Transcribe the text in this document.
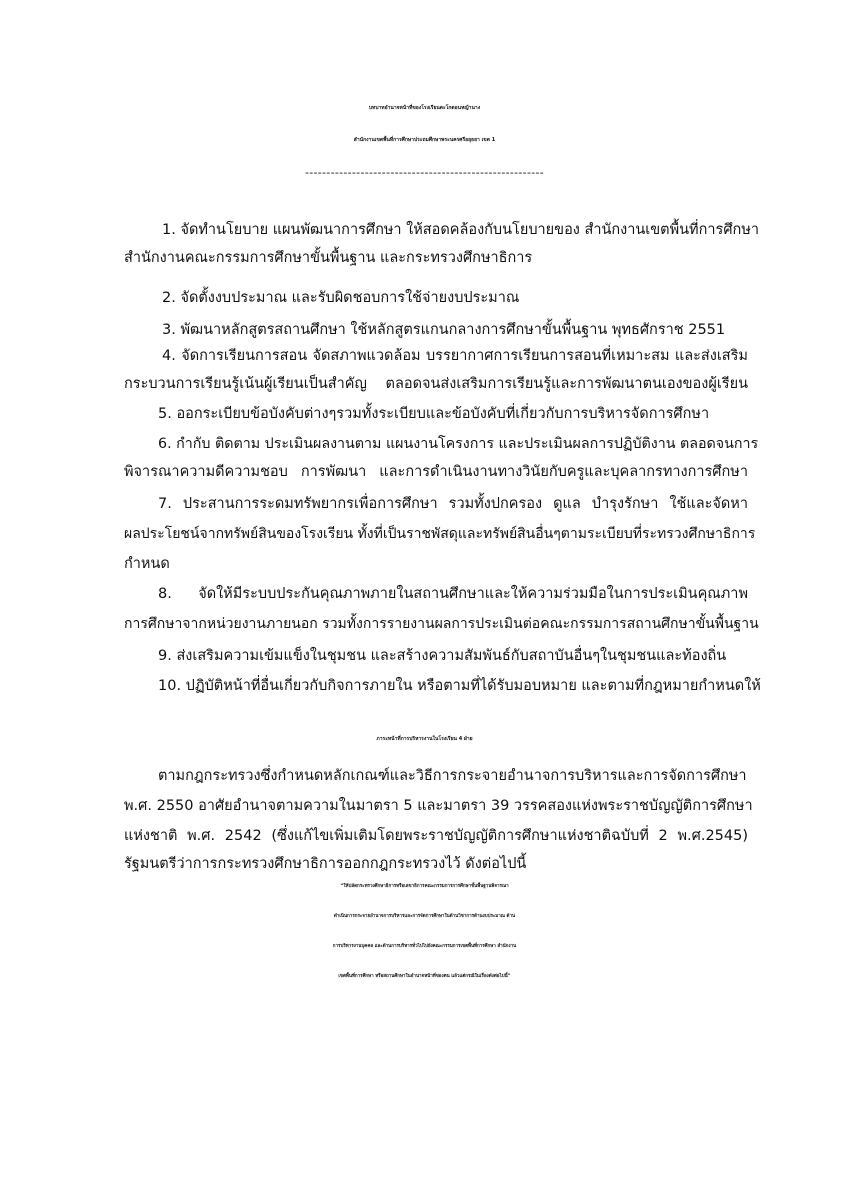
บทบาทอำนาจหน้าที่ของโรงเรียนตะโกดอนหญ้านาง
สำนักงานเขตพื้นที่การศึกษาประถมศึกษาพระนครศรีอยุธยา เขต 1
--------------------------------------------------------
1. จัดทำนโยบาย แผนพัฒนาการศึกษา ให้สอดคล้องกับนโยบายของ สำนักงานเขตพื้นที่การศึกษา
สำนักงานคณะกรรมการศึกษาขั้นพื้นฐาน และกระทรวงศึกษาธิการ
2. จัดตั้งงบประมาณ และรับผิดชอบการใช้จ่ายงบประมาณ
3. พัฒนาหลักสูตรสถานศึกษา ใช้หลักสูตรแกนกลางการศึกษาขั้นพื้นฐาน พุทธศักราช 2551
4. จัดการเรียนการสอน จัดสภาพแวดล้อม บรรยากาศการเรียนการสอนที่เหมาะสม และส่งเสริม
กระบวนการเรียนรู้เน้นผู้เรียนเป็นสำคัญ ตลอดจนส่งเสริมการเรียนรู้และการพัฒนาตนเองของผู้เรียน
5. ออกระเบียบข้อบังคับต่างๆรวมทั้งระเบียบและข้อบังคับที่เกี่ยวกับการบริหารจัดการศึกษา
6. กำกับ ติดตาม ประเมินผลงานตาม แผนงานโครงการ และประเมินผลการปฏิบัติงาน ตลอดจนการ
พิจารณาความดีความชอบ การพัฒนา และการดำเนินงานทางวินัยกับครูและบุคลากรทางการศึกษา
7. ประสานการระดมทรัพยากรเพื่อการศึกษา รวมทั้งปกครอง ดูแล บำรุงรักษา ใช้และจัดหา
ผลประโยชน์จากทรัพย์สินของโรงเรียน ทั้งที่เป็นราชพัสดุและทรัพย์สินอื่นๆตามระเบียบที่ระทรวงศึกษาธิการ
กำหนด
8. จัดให้มีระบบประกันคุณภาพภายในสถานศึกษาและให้ความร่วมมือในการประเมินคุณภาพ
การศึกษาจากหน่วยงานภายนอก รวมทั้งการรายงานผลการประเมินต่อคณะกรรมการสถานศึกษาขั้นพื้นฐาน
9. ส่งเสริมความเข้มแข็งในชุมชน และสร้างความสัมพันธ์กับสถาบันอื่นๆในชุมชนและท้องถิ่น
10. ปฏิบัติหน้าที่อื่นเกี่ยวกับกิจการภายใน หรือตามที่ได้รับมอบหมาย และตามที่กฎหมายกำหนดให้
ภาระหน้าที่การบริหารงานในโรงเรียน 4 ฝ่าย
ตามกฎกระทรวงซึ่งกำหนดหลักเกณฑ์และวิธีการกระจายอำนาจการบริหารและการจัดการศึกษา
พ.ศ. 2550 อาศัยอำนาจตามความในมาตรา 5 และมาตรา 39 วรรคสองแห่งพระราชบัญญัติการศึกษา
แห่งชาติ พ.ศ. 2542 (ซึ่งแก้ไขเพิ่มเติมโดยพระราชบัญญัติการศึกษาแห่งชาติฉบับที่ 2 พ.ศ.2545)
รัฐมนตรีว่าการกระทรวงศึกษาธิการออกกฎกระทรวงไว้ ดังต่อไปนี้
“ให้ปลัดกระทรวงศึกษาธิการหรือเลขาธิการคณะกรรมการการศึกษาขั้นพื้นฐานพิจารณา
ดำเนินการกระจายอำนาจการบริหารและการจัดการศึกษาในด้านวิชาการด้านงบประมาณ ด้าน
การบริหารงานบุคคล และด้านการบริหารทั่วไปไปยังคณะกรรมการเขตพื้นที่การศึกษา สำนักงาน
เขตพื้นที่การศึกษา หรือสถานศึกษาในอำนาจหน้าที่ของตน แล้วแต่กรณีในเรื่องดังต่อไปนี้”
